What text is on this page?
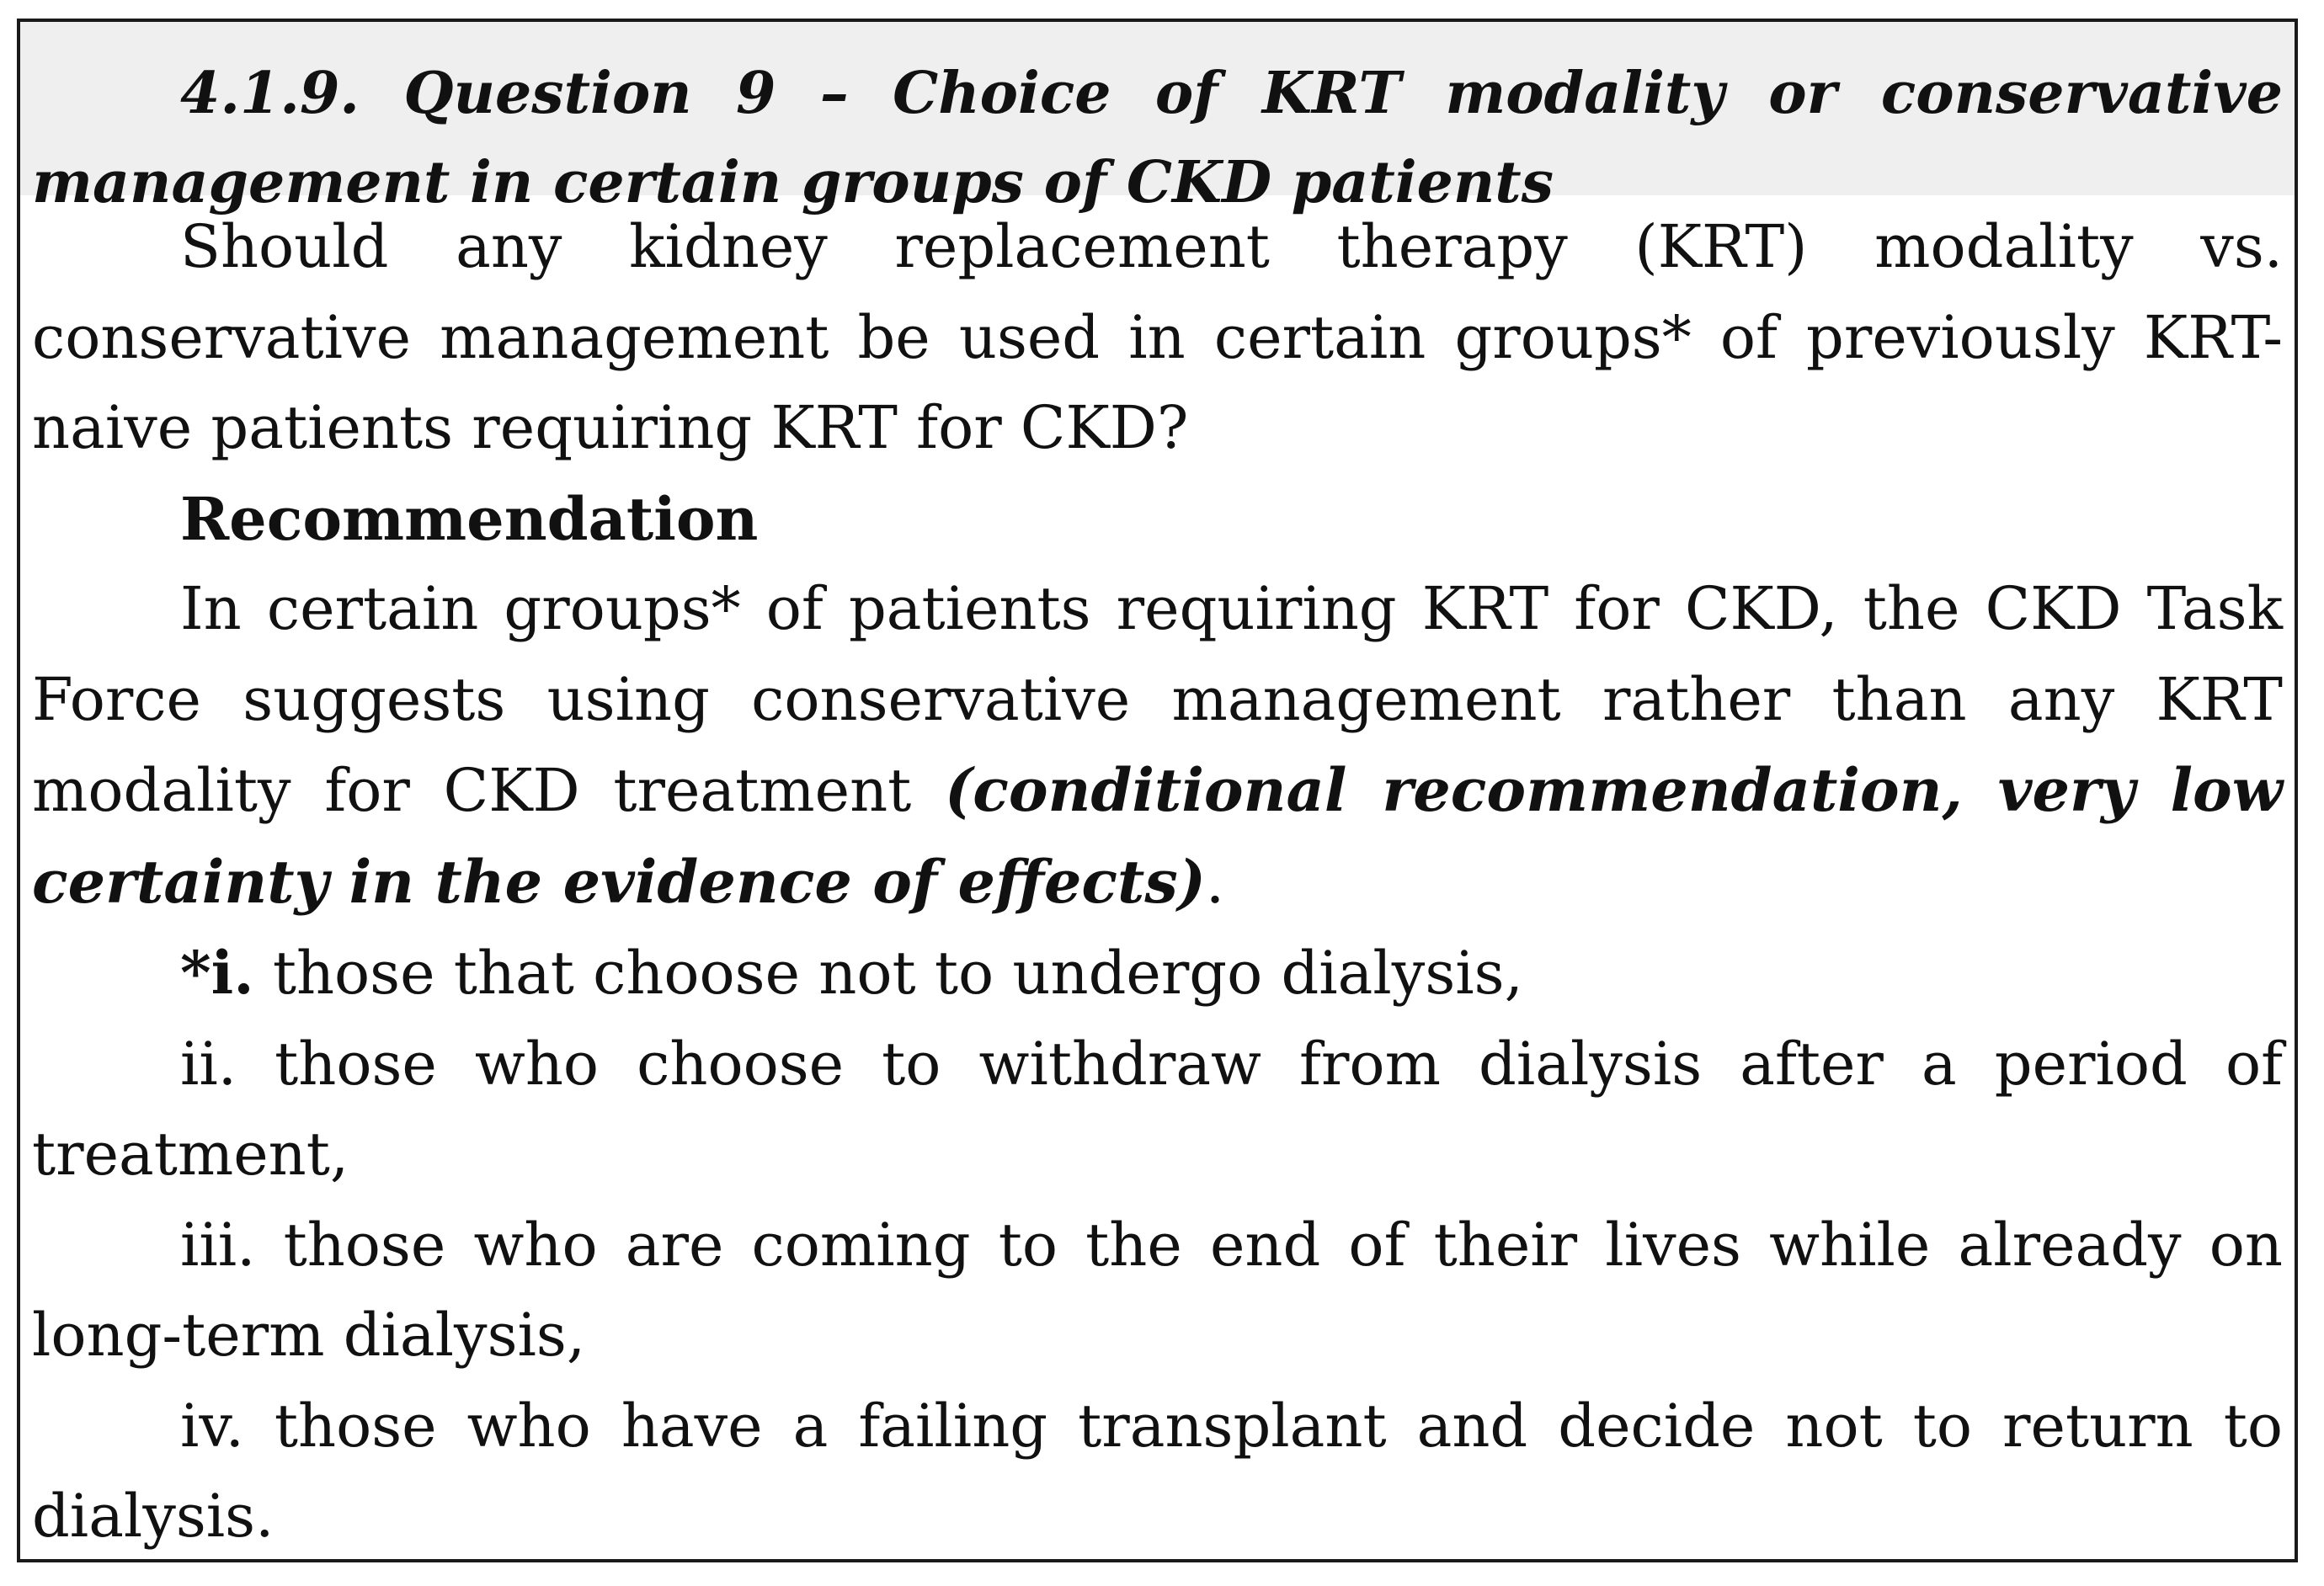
4.1.9. Question 9 – Choice of KRT modality or conservative management in certain groups of CKD patients

Should any kidney replacement therapy (KRT) modality vs. conservative management be used in certain groups* of previously KRT-naive patients requiring KRT for CKD?

Recommendation

In certain groups* of patients requiring KRT for CKD, the CKD Task Force suggests using conservative management rather than any KRT modality for CKD treatment (conditional recommendation, very low certainty in the evidence of effects).

*i. those that choose not to undergo dialysis,

ii. those who choose to withdraw from dialysis after a period of treatment,

iii. those who are coming to the end of their lives while already on long-term dialysis,

iv. those who have a failing transplant and decide not to return to dialysis.
